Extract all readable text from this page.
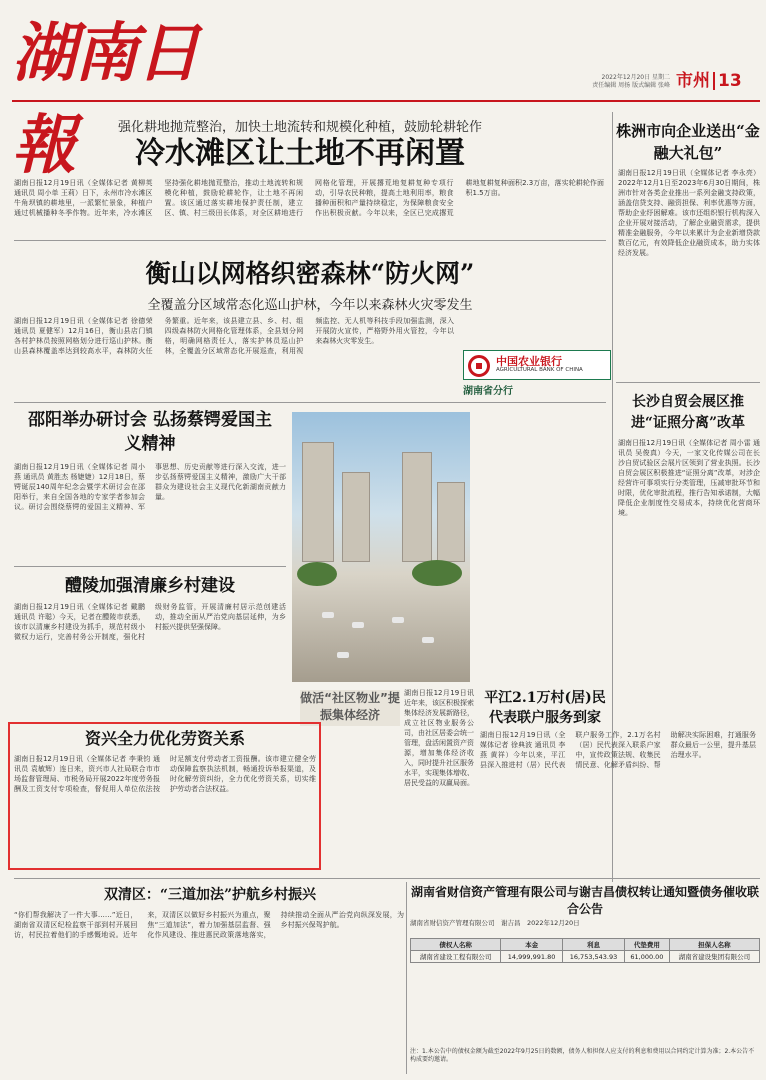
湖南日報
2022年12月20日 星期二
责任编辑 周扬 版式编辑 张峰 市州 13
强化耕地抛荒整治，加快土地流转和规模化种植，鼓励轮耕轮作
冷水滩区让土地不再闲置
湖南日报12月19日讯（全媒体记者 黄柳英 通讯员 周小单 王莉）日下，永州市冷水滩区牛角坝镇的耕地里，一派繁忙景象，种植户通过机械播种冬季作物。近年来，冷水滩区坚持强化耕地抛荒整治，推动土地流转和规模化种植，鼓励轮耕轮作，让土地不再闲置。该区通过落实耕地保护责任制，建立区、镇、村三级田长体系，对全区耕地进行网格化管理，开展撂荒地复耕复种专项行动，引导农民种粮，提高土地利用率，粮食播种面积和产量持续稳定，为保障粮食安全作出积极贡献。今年以来，全区已完成撂荒耕地复耕复种面积2.3万亩，落实轮耕轮作面积1.5万亩。
衡山以网格织密森林“防火网”
全覆盖分区域常态化巡山护林，今年以来森林火灾零发生
湖南日报12月19日讯（全媒体记者 徐德荣 通讯员 夏健军）12月16日，衡山县店门镇各村护林员按照网格划分进行巡山护林。衡山县森林覆盖率达到较高水平，森林防火任务繁重。近年来，该县建立县、乡、村、组四级森林防火网格化管理体系，全县划分网格，明确网格责任人，落实护林员巡山护林，全覆盖分区域常态化开展巡查，利用视频监控、无人机等科技手段加强监测，深入开展防火宣传，严格野外用火管控，今年以来森林火灾零发生。
中国农业银行
AGRICULTURAL BANK OF CHINA
湖南省分行
株洲市向企业送出“金融大礼包”
湖南日报12月19日讯（全媒体记者 李永亮）2022年12月1日至2023年6月30日期间，株洲市针对各类企业推出一系列金融支持政策，涵盖信贷支持、融资担保、利率优惠等方面，帮助企业纾困解难。该市还组织银行机构深入企业开展对接活动，了解企业融资需求，提供精准金融服务，今年以来累计为企业新增贷款数百亿元，有效降低企业融资成本，助力实体经济发展。
长沙自贸会展区推进“证照分离”改革
湖南日报12月19日讯（全媒体记者 周小雷 通讯员 吴俊真）今天，一家文化传媒公司在长沙自贸试验区会展片区领到了营业执照。长沙自贸会展区积极推进“证照分离”改革，对涉企经营许可事项实行分类管理，压减审批环节和时限，优化审批流程，推行告知承诺制，大幅降低企业制度性交易成本，持续优化营商环境。
邵阳举办研讨会 弘扬蔡锷爱国主义精神
湖南日报12月19日讯（全媒体记者 周小燕 通讯员 黄胜杰 杨婕婕）12月18日，蔡锷诞辰140周年纪念会暨学术研讨会在邵阳举行，来自全国各地的专家学者参加会议。研讨会围绕蔡锷的爱国主义精神、军事思想、历史贡献等进行深入交流，进一步弘扬蔡锷爱国主义精神，激励广大干部群众为建设社会主义现代化新湖南贡献力量。
醴陵加强清廉乡村建设
湖南日报12月19日讯（全媒体记者 戴鹏 通讯员 许聪）今天，记者在醴陵市获悉，该市以清廉乡村建设为抓手，规范村级小微权力运行，完善村务公开制度，强化村级财务监管，开展清廉村居示范创建活动，推动全面从严治党向基层延伸，为乡村振兴提供坚强保障。
做活“社区物业”提振集体经济
湖南日报12月19日讯 近年来，该区积极探索集体经济发展新路径，成立社区物业服务公司，由社区居委会统一管理，盘活闲置资产资源，增加集体经济收入，同时提升社区服务水平，实现集体增收、居民受益的双赢局面。
平江2.1万村(居)民代表联户服务到家
湖南日报12月19日讯（全媒体记者 徐典波 通讯员 李燕 黄祥）今年以来，平江县深入推进村（居）民代表联户服务工作，2.1万名村（居）民代表深入联系户家中，宣传政策法规、收集民情民意、化解矛盾纠纷、帮助解决实际困难，打通服务群众最后一公里，提升基层治理水平。
资兴全力优化劳资关系
湖南日报12月19日讯（全媒体记者 李秉钧 通讯员 袁敏辉）连日来，资兴市人社局联合市市场监督管理局、市税务局开展2022年度劳务报酬及工资支付专项检查，督促用人单位依法按时足额支付劳动者工资报酬。该市建立健全劳动保障监察执法机制，畅通投诉举报渠道，及时化解劳资纠纷，全力优化劳资关系，切实维护劳动者合法权益。
双清区：“三道加法”护航乡村振兴
“你们帮我解决了一件大事……”近日，湖南省双清区纪检监察干部到村开展回访，村民拉着他们的手感慨地说。近年来，双清区以做好乡村振兴为重点，聚焦“三道加法”，着力加强基层监督、强化作风建设、推进惠民政策落地落实，持续推动全面从严治党向纵深发展，为乡村振兴保驾护航。
湖南省财信资产管理有限公司与谢吉昌债权转让通知暨债务催收联合公告
湖南省财信资产管理有限公司　 谢吉昌　 2022年12月20日
债权人名称	本金	利息	代垫费用	担保人名称
湖南省建设工程有限公司	14,999,991.80	16,753,543.93	61,000.00	湖南省建设集团有限公司
注：1.本公告中的债权金额为截至2022年9月25日的数额，债务人和担保人应支付的利息和费用以合同约定计算为准；2.本公告不构成要约邀请。
